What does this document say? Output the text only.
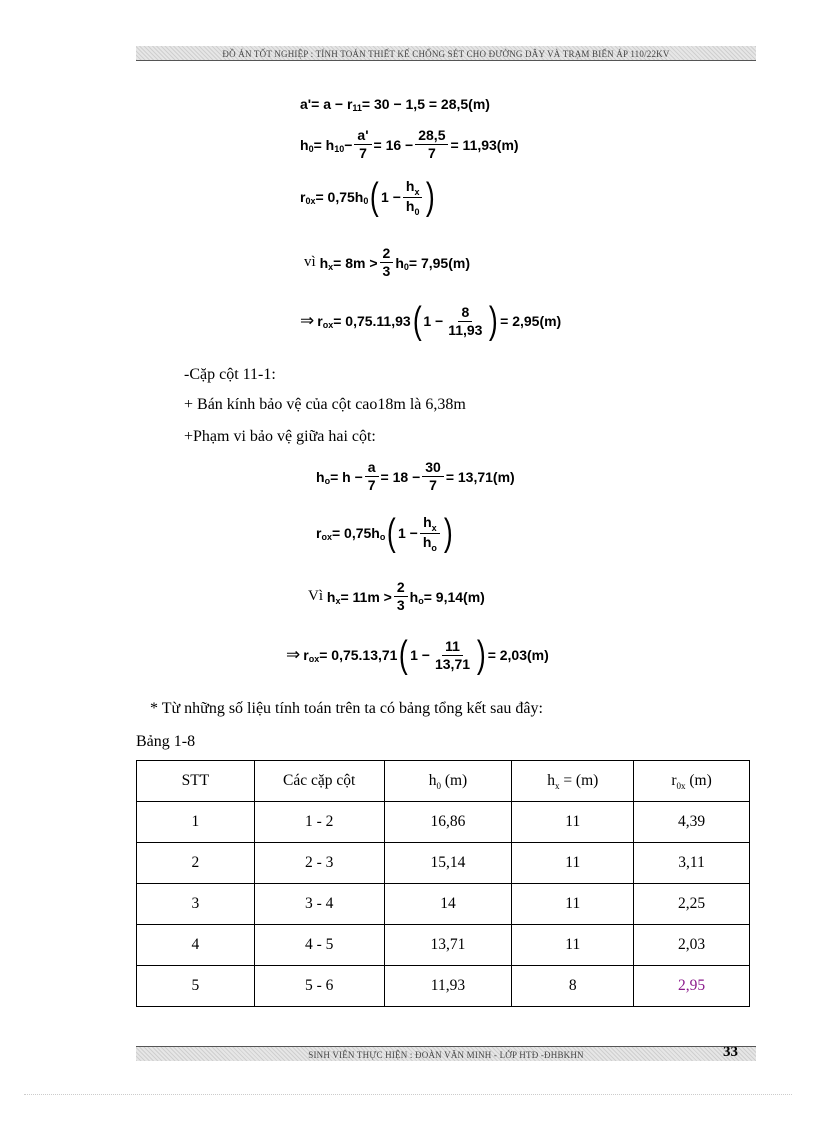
ĐỒ ÁN TỐT NGHIỆP : TÍNH TOÁN THIẾT KẾ CHỐNG SÉT CHO ĐƯỜNG DÂY VÀ TRẠM BIẾN ÁP 110/22KV
a ' = a − r 11 = 30 − 1,5 = 28,5(m)
h 0 = h $10 - \frac{a'}{7} = 16 - \frac{28,5}{7} = 11,93(m)$
r 0x = 0,75h 0 ( $1 - \frac{h_x}{h_0}$ )
vì
h $x = 8m > \frac{2}{3}$ h 0 = 7,95(m)
⇒ r ox = 0,75.11,93 ( $1 - \frac{8}{11,93}$ ) = 2,95(m)
-Cặp cột 11-1:
+ Bán kính bảo vệ của cột cao18m là 6,38m
+Phạm vi bảo vệ giữa hai cột:
h $o = h - \frac{a}{7} = 18 - \frac{30}{7} = 13,71(m)$
r ox = 0,75h o ( $1 - \frac{h_x}{h_o}$ )
Vì
h $x = 11m > \frac{2}{3}$ h o = 9,14(m)
⇒ r ox = 0,75.13,71 ( $1 - \frac{11}{13,71}$ ) = 2,03(m)
* Từ những số liệu tính toán trên ta có bảng tổng kết sau đây:
Bảng 1-8
STT	Các cặp cột	$h_0$ (m)	$h_x = (m)$	$r_{0x}$ (m)
1	1 - 2	16,86	11	4,39
2	2 - 3	15,14	11	3,11
3	3 - 4	14	11	2,25
4	4 - 5	13,71	11	2,03
5	5 - 6	11,93	8	2,95
SINH VIÊN THỰC HIỆN : ĐOÀN VĂN MINH - LỚP HTĐ -ĐHBKHN	33
